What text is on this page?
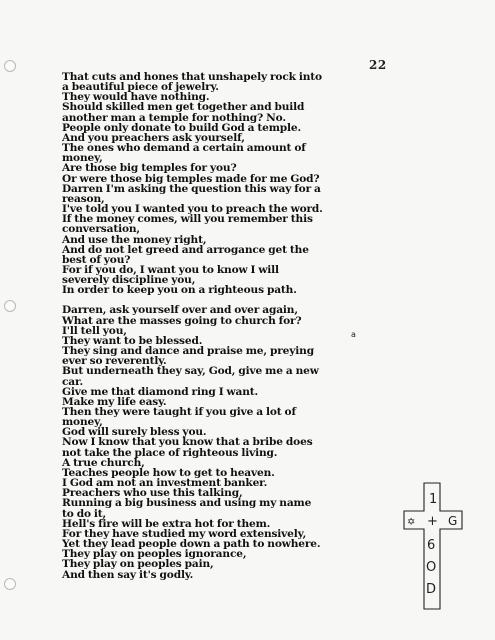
22
That cuts and hones that unshapely rock into
a beautiful piece of jewelry.
They would have nothing.
Should skilled men get together and build
another man a temple for nothing? No.
People only donate to build God a temple.
And you preachers ask yourself,
The ones who demand a certain amount of
money,
Are those big temples for you?
Or were those big temples made for me God?
Darren I'm asking the question this way for a
reason,
I've told you I wanted you to preach the word.
If the money comes, will you remember this
conversation,
And use the money right,
And do not let greed and arrogance get the
best of you?
For if you do, I want you to know I will
severely discipline you,
In order to keep you on a righteous path.
Darren, ask yourself over and over again,
What are the masses going to church for?
I'll tell you,
They want to be blessed.
They sing and dance and praise me, preying
ever so reverently.
But underneath they say, God, give me a new
car.
Give me that diamond ring I want.
Make my life easy.
Then they were taught if you give a lot of
money,
God will surely bless you.
Now I know that you know that a bribe does
not take the place of righteous living.
A true church,
Teaches people how to get to heaven.
I God am not an investment banker.
Preachers who use this talking,
Running a big business and using my name
to do it,
Hell's fire will be extra hot for them.
For they have studied my word extensively,
Yet they lead people down a path to nowhere.
They play on peoples ignorance,
They play on peoples pain,
And then say it's godly.
a
1
✡	G
+
6
O
D
